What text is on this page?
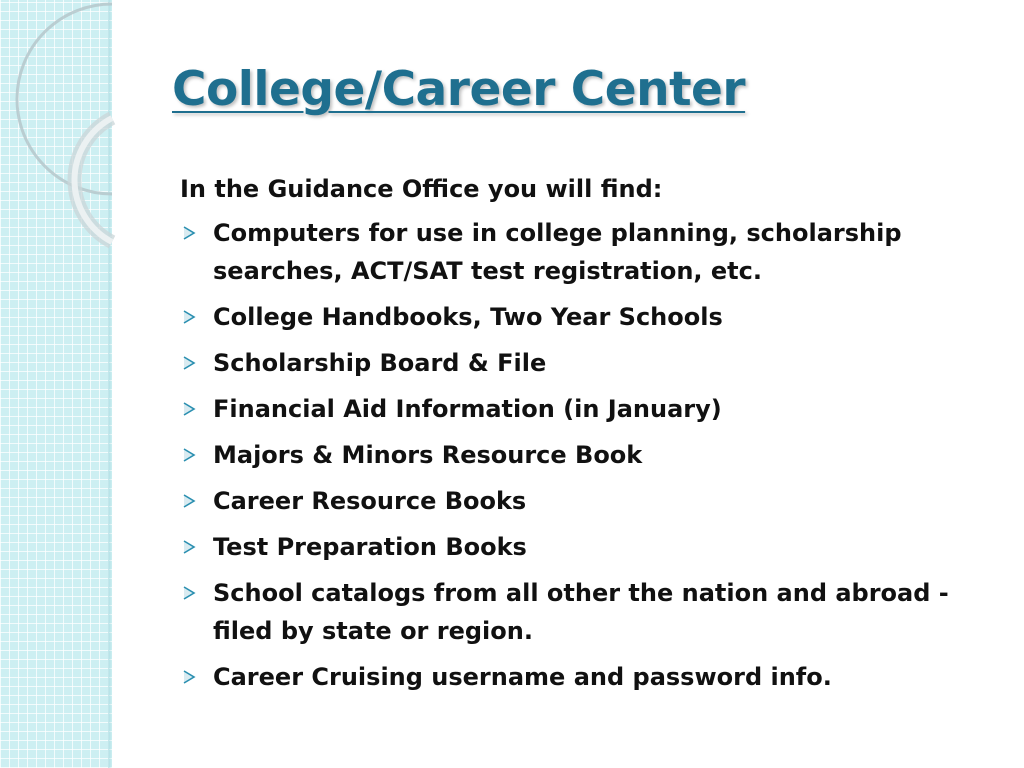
College/Career Center

In the Guidance Office you will find:

Computers for use in college planning, scholarship searches, ACT/SAT test registration, etc.
College Handbooks, Two Year Schools
Scholarship Board & File
Financial Aid Information (in January)
Majors & Minors Resource Book
Career Resource Books
Test Preparation Books
School catalogs from all other the nation and abroad -filed by state or region.
Career Cruising username and password info.
